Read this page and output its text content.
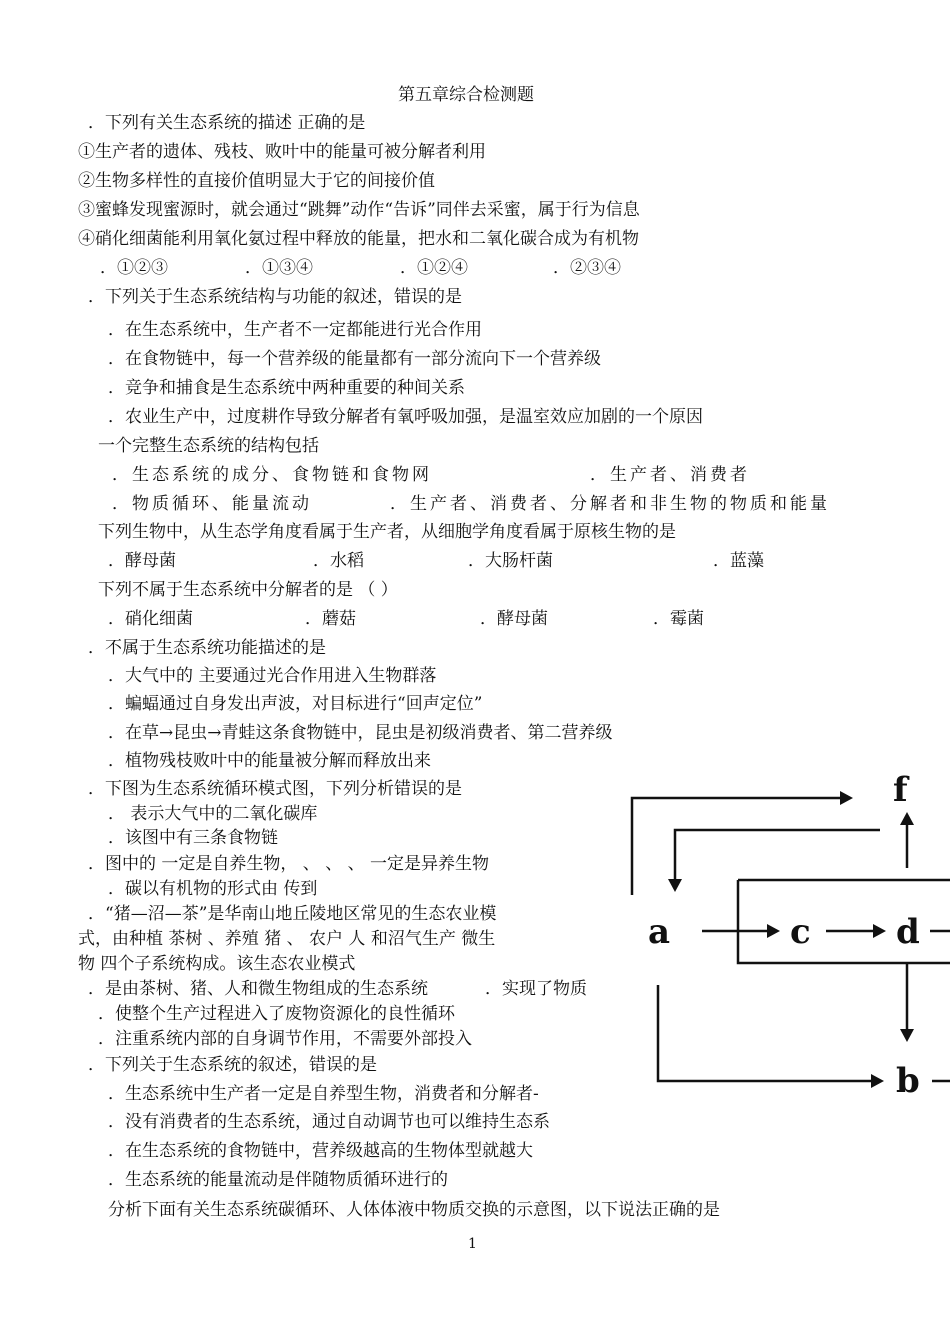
第五章综合检测题
．下列有关生态系统的描述 正确的是
①生产者的遗体、残枝、败叶中的能量可被分解者利用
②生物多样性的直接价值明显大于它的间接价值
③蜜蜂发现蜜源时，就会通过“跳舞”动作“告诉”同伴去采蜜，属于行为信息
④硝化细菌能利用氧化氨过程中释放的能量，把水和二氧化碳合成为有机物
．①②③	．①③④	．①②④	．②③④
．下列关于生态系统结构与功能的叙述，错误的是
．在生态系统中，生产者不一定都能进行光合作用
．在食物链中，每一个营养级的能量都有一部分流向下一个营养级
．竞争和捕食是生态系统中两种重要的种间关系
．农业生产中，过度耕作导致分解者有氧呼吸加强，是温室效应加剧的一个原因
一个完整生态系统的结构包括
．生态系统的成分、食物链和食物网	．生产者、消费者
．物质循环、能量流动	．生产者、消费者、分解者和非生物的物质和能量
下列生物中，从生态学角度看属于生产者，从细胞学角度看属于原核生物的是
．酵母菌	．水稻	．大肠杆菌	．蓝藻
下列不属于生态系统中分解者的是 （ ）
．硝化细菌	．蘑菇	．酵母菌	．霉菌
．不属于生态系统功能描述的是
．大气中的 主要通过光合作用进入生物群落
．蝙蝠通过自身发出声波，对目标进行“回声定位”
．在草→昆虫→青蛙这条食物链中，昆虫是初级消费者、第二营养级
．植物残枝败叶中的能量被分解而释放出来
．下图为生态系统循环模式图，下列分析错误的是
． 表示大气中的二氧化碳库
．该图中有三条食物链
．图中的 一定是自养生物， 、 、 、 一定是异养生物
．碳以有机物的形式由 传到
．“猪—沼—茶”是华南山地丘陵地区常见的生态农业模
式，由种植 茶树 、养殖 猪 、 农户 人 和沼气生产 微生
物 四个子系统构成。该生态农业模式
．是由茶树、猪、人和微生物组成的生态系统	．实现了物质
．使整个生产过程进入了废物资源化的良性循环
．注重系统内部的自身调节作用，不需要外部投入
．下列关于生态系统的叙述，错误的是
．生态系统中生产者一定是自养型生物，消费者和分解者-
．没有消费者的生态系统，通过自动调节也可以维持生态系
．在生态系统的食物链中，营养级越高的生物体型就越大
．生态系统的能量流动是伴随物质循环进行的
分析下面有关生态系统碳循环、人体体液中物质交换的示意图，以下说法正确的是
1
f
a	c	d
b
